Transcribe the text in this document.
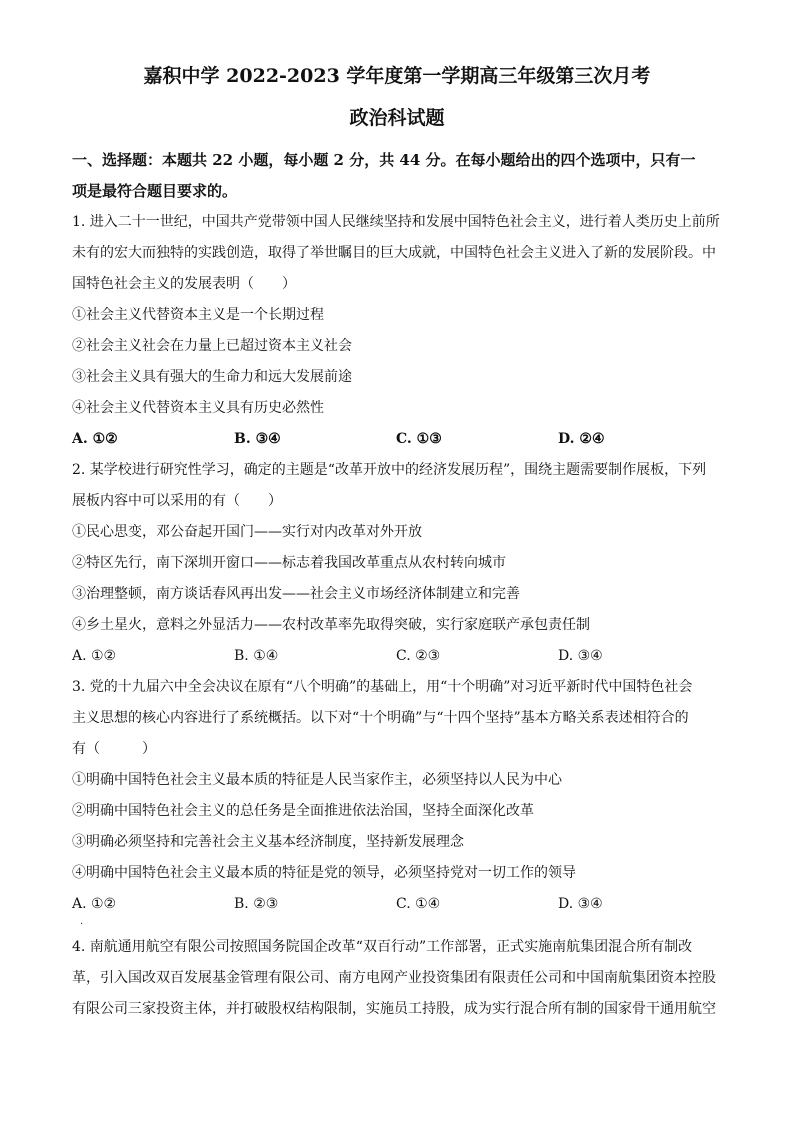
嘉积中学 2022-2023 学年度第一学期高三年级第三次月考
政治科试题
一、选择题：本题共 22 小题，每小题 2 分，共 44 分。在每小题给出的四个选项中，只有一
项是最符合题目要求的。
1. 进入二十一世纪，中国共产党带领中国人民继续坚持和发展中国特色社会主义，进行着人类历史上前所
未有的宏大而独特的实践创造，取得了举世瞩目的巨大成就，中国特色社会主义进入了新的发展阶段。中
国特色社会主义的发展表明（　　）
①社会主义代替资本主义是一个长期过程
②社会主义社会在力量上已超过资本主义社会
③社会主义具有强大的生命力和远大发展前途
④社会主义代替资本主义具有历史必然性
A. ①②	B. ③④	C. ①③	D. ②④
2. 某学校进行研究性学习，确定的主题是“改革开放中的经济发展历程”，围绕主题需要制作展板，下列
展板内容中可以采用的有（　　）
①民心思变，邓公奋起开国门——实行对内改革对外开放
②特区先行，南下深圳开窗口——标志着我国改革重点从农村转向城市
③治理整顿，南方谈话春风再出发——社会主义市场经济体制建立和完善
④乡土星火，意料之外显活力——农村改革率先取得突破，实行家庭联产承包责任制
A. ①②	B. ①④	C. ②③	D. ③④
3. 党的十九届六中全会决议在原有“八个明确”的基础上，用“十个明确”对习近平新时代中国特色社会
主义思想的核心内容进行了系统概括。以下对“十个明确”与“十四个坚持”基本方略关系表述相符合的
有（　　　）
①明确中国特色社会主义最本质的特征是人民当家作主，必须坚持以人民为中心
②明确中国特色社会主义的总任务是全面推进依法治国，坚持全面深化改革
③明确必须坚持和完善社会主义基本经济制度，坚持新发展理念
④明确中国特色社会主义最本质的特征是党的领导，必须坚持党对一切工作的领导
A. ①②	B. ②③	C. ①④	D. ③④
·
4. 南航通用航空有限公司按照国务院国企改革“双百行动”工作部署，正式实施南航集团混合所有制改
革，引入国改双百发展基金管理有限公司、南方电网产业投资集团有限责任公司和中国南航集团资本控股
有限公司三家投资主体，并打破股权结构限制，实施员工持股，成为实行混合所有制的国家骨干通用航空
